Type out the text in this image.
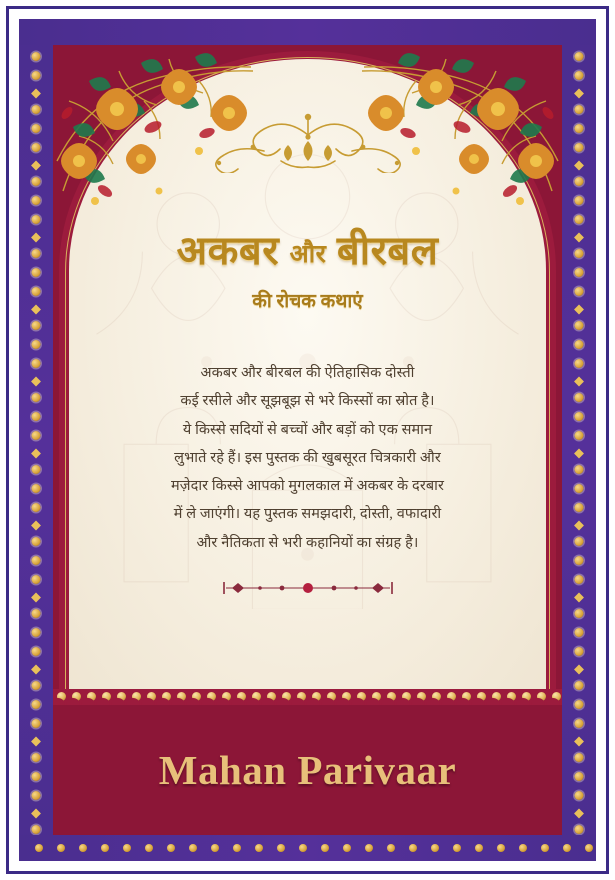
अकबर और बीरबल
की रोचक कथाएं

अकबर और बीरबल की ऐतिहासिक दोस्ती
कई रसीले और सूझबूझ से भरे किस्सों का स्रोत है।
ये किस्से सदियों से बच्चों और बड़ों को एक समान
लुभाते रहे हैं। इस पुस्तक की खुबसूरत चित्रकारी और
मज़ेदार किस्से आपको मुगलकाल में अकबर के दरबार
में ले जाएंगी। यह पुस्तक समझदारी, दोस्ती, वफादारी
और नैतिकता से भरी कहानियों का संग्रह है।

Mahan Parivaar
